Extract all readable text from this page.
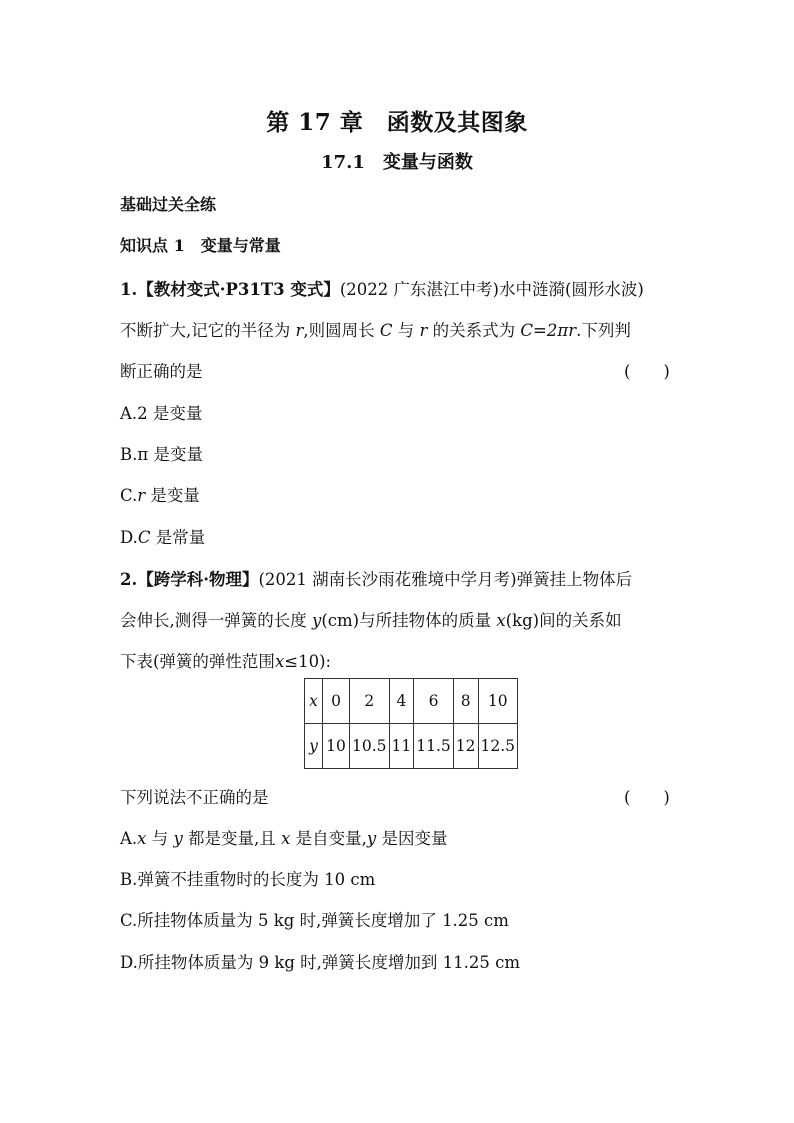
第 17 章　函数及其图象
17.1　变量与函数
基础过关全练
知识点 1　变量与常量
1.【教材变式·P31T3 变式】(2022 广东湛江中考)水中涟漪(圆形水波)
不断扩大,记它的半径为 r,则圆周长 C 与 r 的关系式为 C=2πr.下列判
断正确的是	(　　)
A.2 是变量
B.π 是变量
C.r 是变量
D.C 是常量
2.【跨学科·物理】(2021 湖南长沙雨花雅境中学月考)弹簧挂上物体后
会伸长,测得一弹簧的长度 y(cm)与所挂物体的质量 x(kg)间的关系如
下表(弹簧的弹性范围x≤10):
x	0	2	4	6	8	10
y	10	10.5	11	11.5	12	12.5
下列说法不正确的是	(　　)
A.x 与 y 都是变量,且 x 是自变量,y 是因变量
B.弹簧不挂重物时的长度为 10 cm
C.所挂物体质量为 5 kg 时,弹簧长度增加了 1.25 cm
D.所挂物体质量为 9 kg 时,弹簧长度增加到 11.25 cm
